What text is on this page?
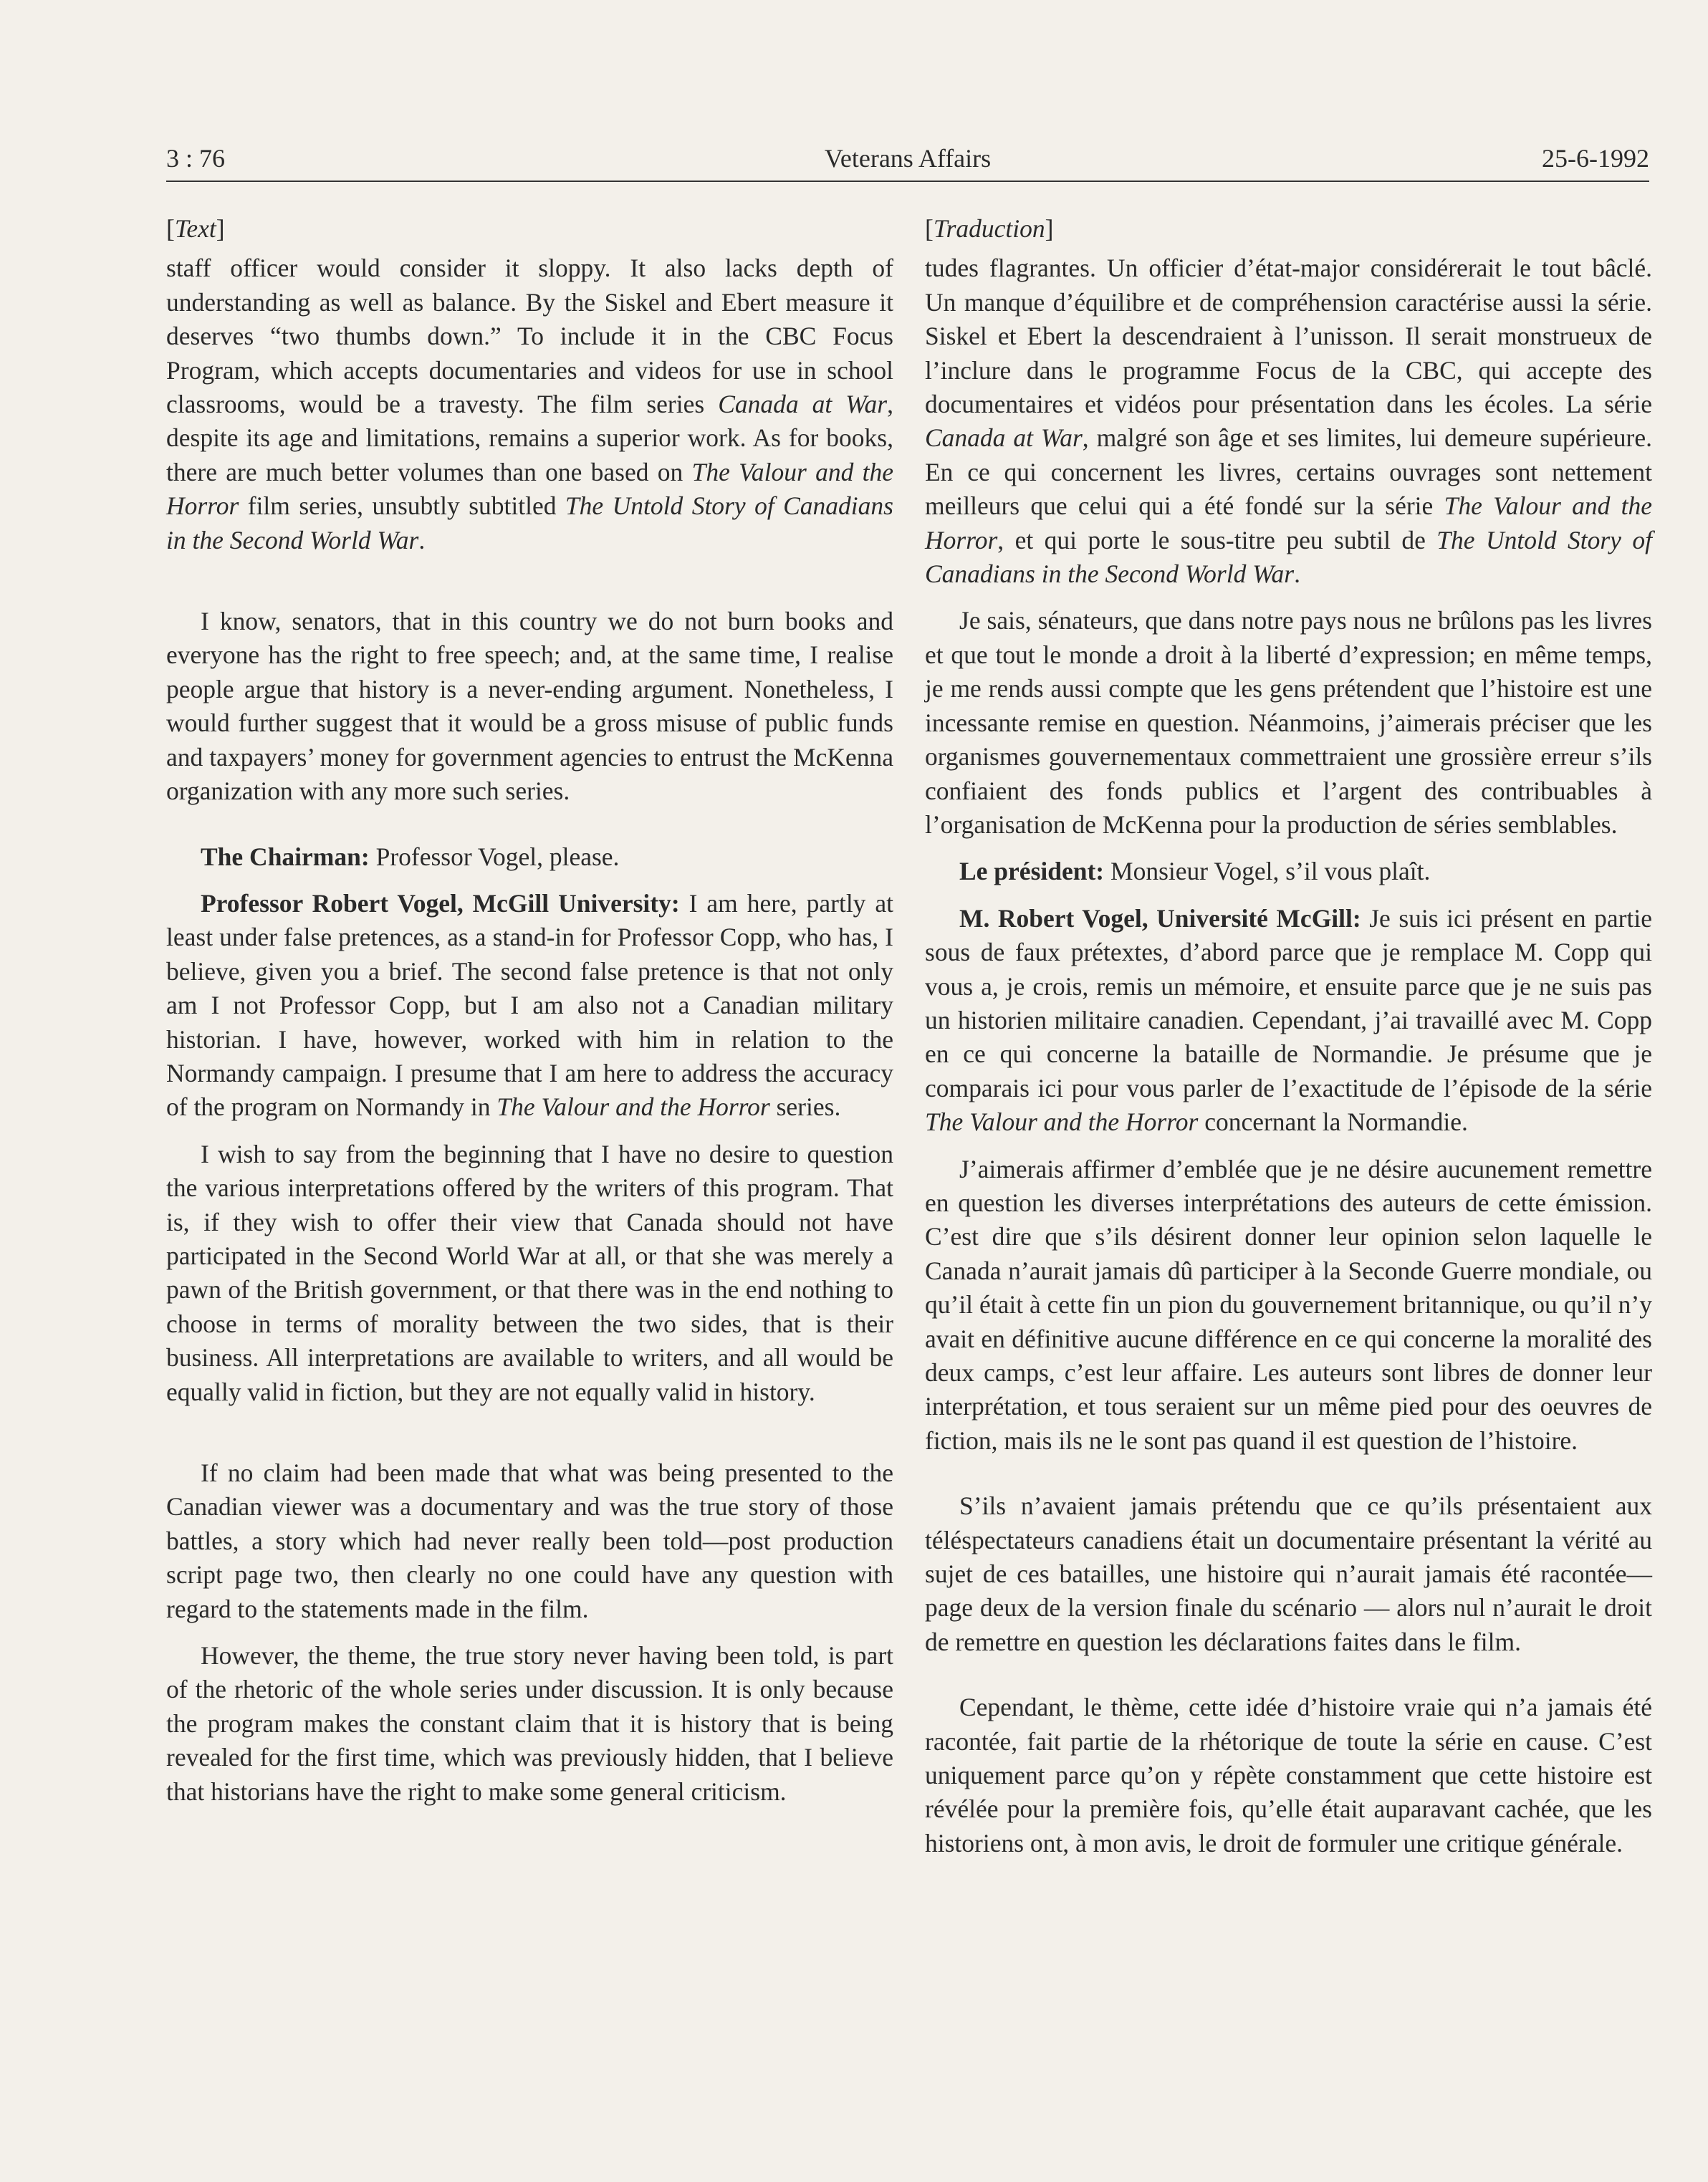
3 : 76	Veterans Affairs	25-6-1992

[Text]

staff officer would consider it sloppy. It also lacks depth of understanding as well as balance. By the Siskel and Ebert measure it deserves “two thumbs down.” To include it in the CBC Focus Program, which accepts documentaries and videos for use in school classrooms, would be a travesty. The film series Canada at War, despite its age and limitations, remains a superior work. As for books, there are much better volumes than one based on The Valour and the Horror film series, unsubtly subtitled The Untold Story of Canadians in the Second World War.

I know, senators, that in this country we do not burn books and everyone has the right to free speech; and, at the same time, I realise people argue that history is a never-ending argument. Nonetheless, I would further suggest that it would be a gross misuse of public funds and taxpayers’ money for government agencies to entrust the McKenna organization with any more such series.

The Chairman: Professor Vogel, please.

Professor Robert Vogel, McGill University: I am here, partly at least under false pretences, as a stand-in for Professor Copp, who has, I believe, given you a brief. The second false pretence is that not only am I not Professor Copp, but I am also not a Canadian military historian. I have, however, worked with him in relation to the Normandy campaign. I presume that I am here to address the accuracy of the program on Normandy in The Valour and the Horror series.

I wish to say from the beginning that I have no desire to question the various interpretations offered by the writers of this program. That is, if they wish to offer their view that Canada should not have participated in the Second World War at all, or that she was merely a pawn of the British government, or that there was in the end nothing to choose in terms of morality between the two sides, that is their business. All interpretations are available to writers, and all would be equally valid in fiction, but they are not equally valid in history.

If no claim had been made that what was being presented to the Canadian viewer was a documentary and was the true story of those battles, a story which had never really been told—post production script page two, then clearly no one could have any question with regard to the statements made in the film.

However, the theme, the true story never having been told, is part of the rhetoric of the whole series under discussion. It is only because the program makes the constant claim that it is history that is being revealed for the first time, which was previously hidden, that I believe that historians have the right to make some general criticism.

[Traduction]

tudes flagrantes. Un officier d’état-major considérerait le tout bâclé. Un manque d’équilibre et de compréhension caractérise aussi la série. Siskel et Ebert la descendraient à l’unisson. Il serait monstrueux de l’inclure dans le programme Focus de la CBC, qui accepte des documentaires et vidéos pour présentation dans les écoles. La série Canada at War, malgré son âge et ses limites, lui demeure supérieure. En ce qui concernent les livres, certains ouvrages sont nettement meilleurs que celui qui a été fondé sur la série The Valour and the Horror, et qui porte le sous-titre peu subtil de The Untold Story of Canadians in the Second World War.

Je sais, sénateurs, que dans notre pays nous ne brûlons pas les livres et que tout le monde a droit à la liberté d’expression; en même temps, je me rends aussi compte que les gens prétendent que l’histoire est une incessante remise en question. Néanmoins, j’aimerais préciser que les organismes gouvernementaux commettraient une grossière erreur s’ils confiaient des fonds publics et l’argent des contribuables à l’organisation de McKenna pour la production de séries semblables.

Le président: Monsieur Vogel, s’il vous plaît.

M. Robert Vogel, Université McGill: Je suis ici présent en partie sous de faux prétextes, d’abord parce que je remplace M. Copp qui vous a, je crois, remis un mémoire, et ensuite parce que je ne suis pas un historien militaire canadien. Cependant, j’ai travaillé avec M. Copp en ce qui concerne la bataille de Normandie. Je présume que je comparais ici pour vous parler de l’exactitude de l’épisode de la série The Valour and the Horror concernant la Normandie.

J’aimerais affirmer d’emblée que je ne désire aucunement remettre en question les diverses interprétations des auteurs de cette émission. C’est dire que s’ils désirent donner leur opinion selon laquelle le Canada n’aurait jamais dû participer à la Seconde Guerre mondiale, ou qu’il était à cette fin un pion du gouvernement britannique, ou qu’il n’y avait en définitive aucune différence en ce qui concerne la moralité des deux camps, c’est leur affaire. Les auteurs sont libres de donner leur interprétation, et tous seraient sur un même pied pour des oeuvres de fiction, mais ils ne le sont pas quand il est question de l’histoire.

S’ils n’avaient jamais prétendu que ce qu’ils présentaient aux téléspectateurs canadiens était un documentaire présentant la vérité au sujet de ces batailles, une histoire qui n’aurait jamais été racontée—page deux de la version finale du scénario — alors nul n’aurait le droit de remettre en question les déclarations faites dans le film.

Cependant, le thème, cette idée d’histoire vraie qui n’a jamais été racontée, fait partie de la rhétorique de toute la série en cause. C’est uniquement parce qu’on y répète constamment que cette histoire est révélée pour la première fois, qu’elle était auparavant cachée, que les historiens ont, à mon avis, le droit de formuler une critique générale.
